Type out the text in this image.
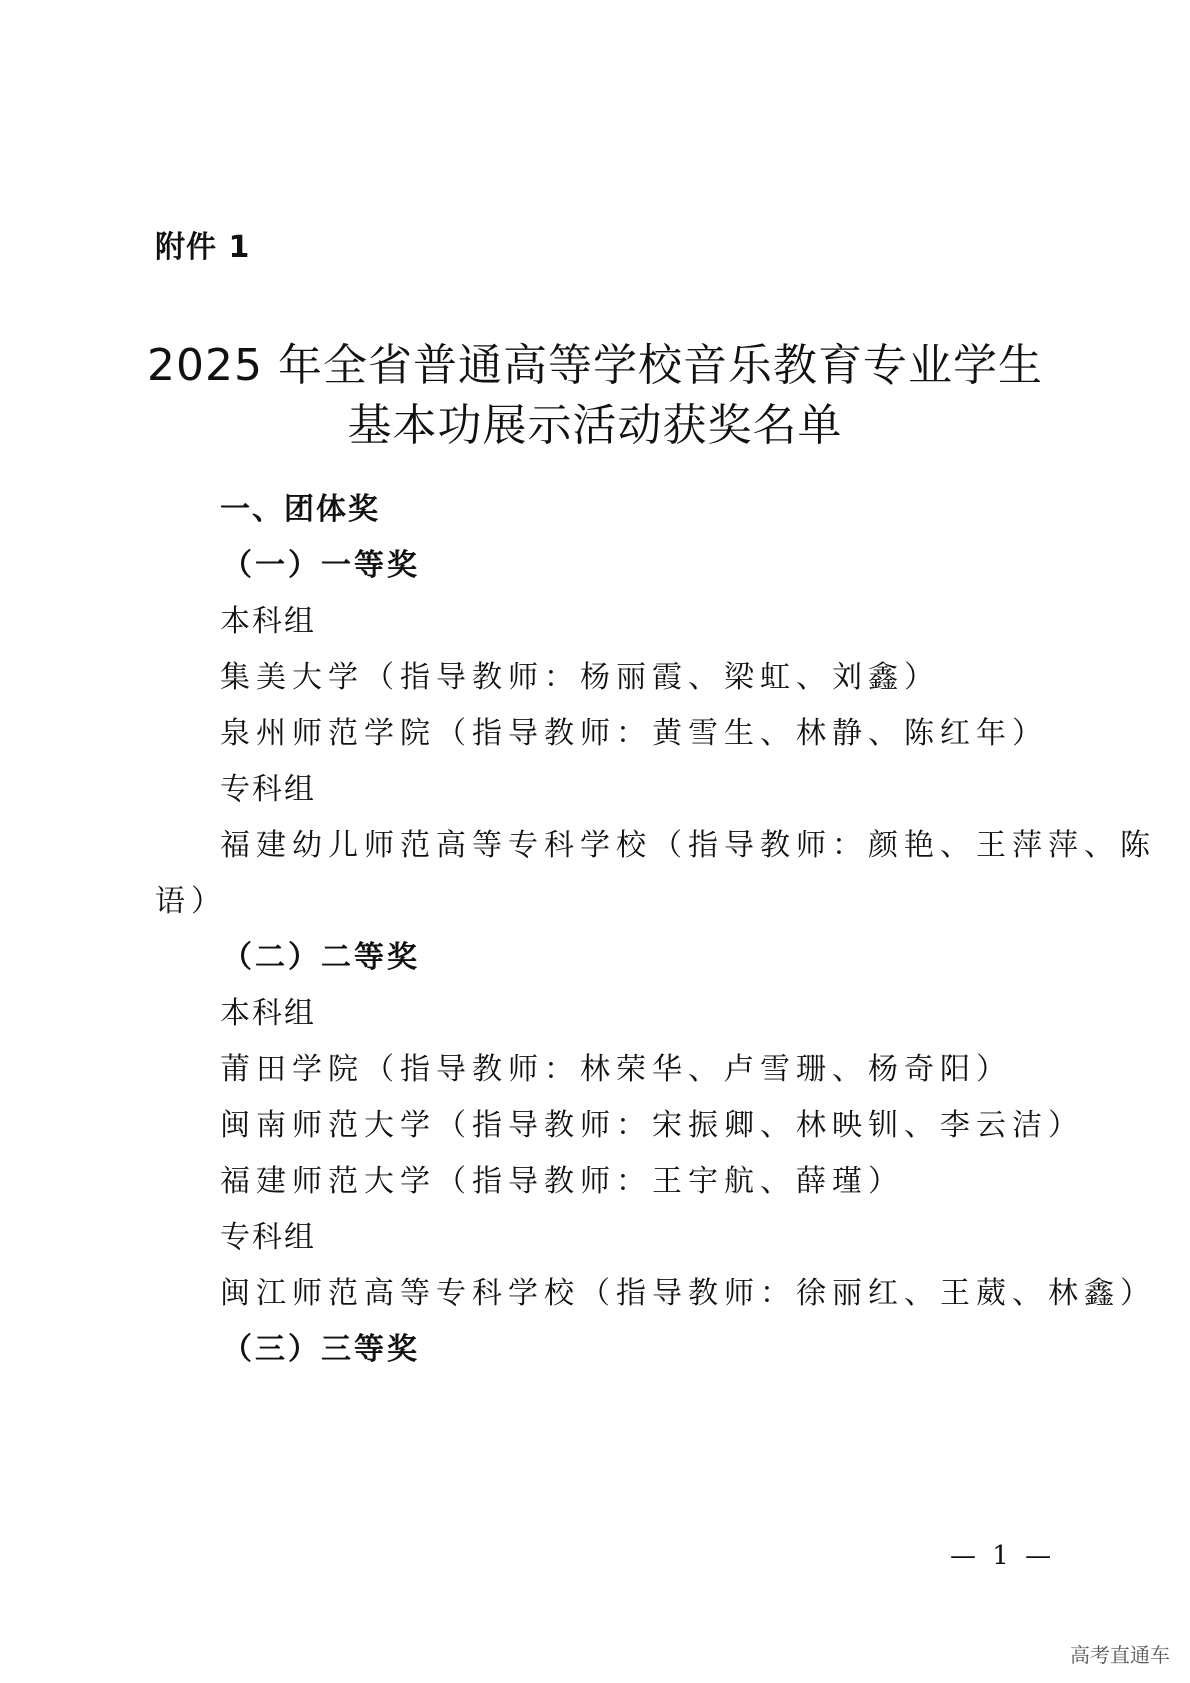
附件 1
2025 年全省普通高等学校音乐教育专业学生
基本功展示活动获奖名单
一、团体奖
（一）一等奖
本科组
集美大学（指导教师：杨丽霞、梁虹、刘鑫）
泉州师范学院（指导教师：黄雪生、林静、陈红年）
专科组
福建幼儿师范高等专科学校（指导教师：颜艳、王萍萍、陈
语）
（二）二等奖
本科组
莆田学院（指导教师：林荣华、卢雪珊、杨奇阳）
闽南师范大学（指导教师：宋振卿、林映钏、李云洁）
福建师范大学（指导教师：王宇航、薛瑾）
专科组
闽江师范高等专科学校（指导教师：徐丽红、王葳、林鑫）
（三）三等奖
— 1 —
高考直通车
